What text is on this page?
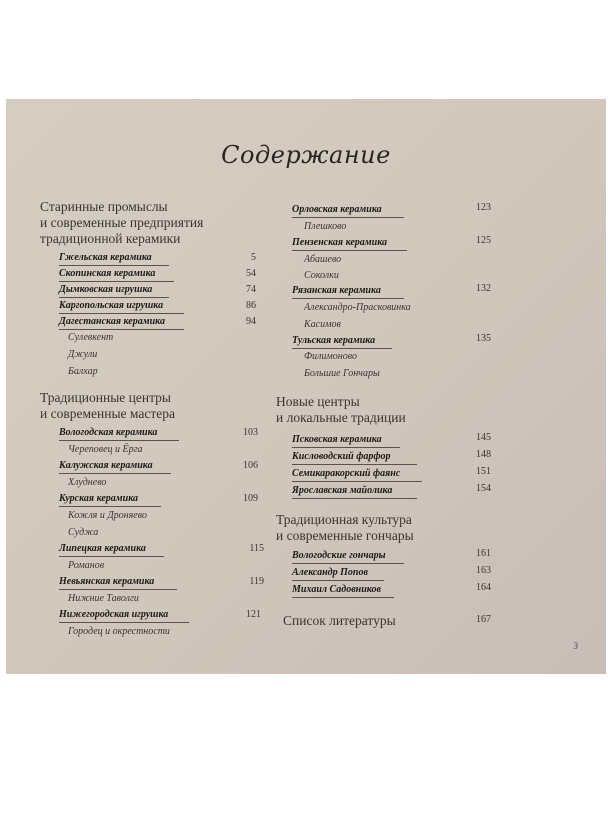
Содержание
Старинные промыслы
и современные предприятия
традиционной керамики
Гжельская керамика	5
Скопинская керамика	54
Дымковская игрушка	74
Каргопольская игрушка	86
Дагестанская керамика	94
Сулевкент
Джули
Балхар
Традиционные центры
и современные мастера
Вологодская керамика	103
Череповец и Ёрга
Калужская керамика	106
Хлуднево
Курская керамика	109
Кожля и Дроняево
Суджа
Липецкая керамика	115
Романов
Невьянская керамика	119
Нижние Таволги
Нижегородская игрушка	121
Городец и окрестности
Орловская керамика	123
Плешково
Пензенская керамика	125
Абашево
Соколки
Рязанская керамика	132
Александро-Прасковинка
Касимов
Тульская керамика	135
Филимоново
Большие Гончары
Новые центры
и локальные традиции
Псковская керамика	145
Кисловодский фарфор	148
Семикаракорский фаянс	151
Ярославская майолика	154
Традиционная культура
и современные гончары
Вологодские гончары	161
Александр Попов	163
Михаил Садовников	164
Список литературы	167
3
